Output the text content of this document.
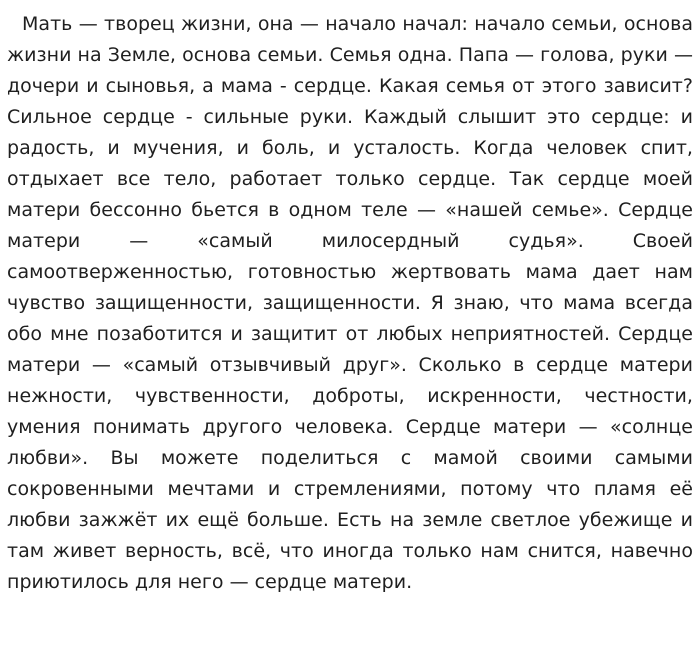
Мать — творец жизни, она — начало начал: начало семьи, основа жизни на Земле, основа семьи. Семья одна. Папа — голова, руки — дочери и сыновья, а мама - сердце. Какая семья от этого зависит? Сильное сердце - сильные руки. Каждый слышит это сердце: и радость, и мучения, и боль, и усталость. Когда человек спит, отдыхает все тело, работает только сердце. Так сердце моей матери бессонно бьется в одном теле — «нашей семье». Сердце матери — «самый милосердный судья». Своей самоотверженностью, готовностью жертвовать мама дает нам чувство защищенности, защищенности. Я знаю, что мама всегда обо мне позаботится и защитит от любых неприятностей. Сердце матери — «самый отзывчивый друг». Сколько в сердце матери нежности, чувственности, доброты, искренности, честности, умения понимать другого человека. Сердце матери — «солнце любви». Вы можете поделиться с мамой своими самыми сокровенными мечтами и стремлениями, потому что пламя её любви зажжёт их ещё больше. Есть на земле светлое убежище и там живет верность, всё, что иногда только нам снится, навечно приютилось для него — сердце матери.
